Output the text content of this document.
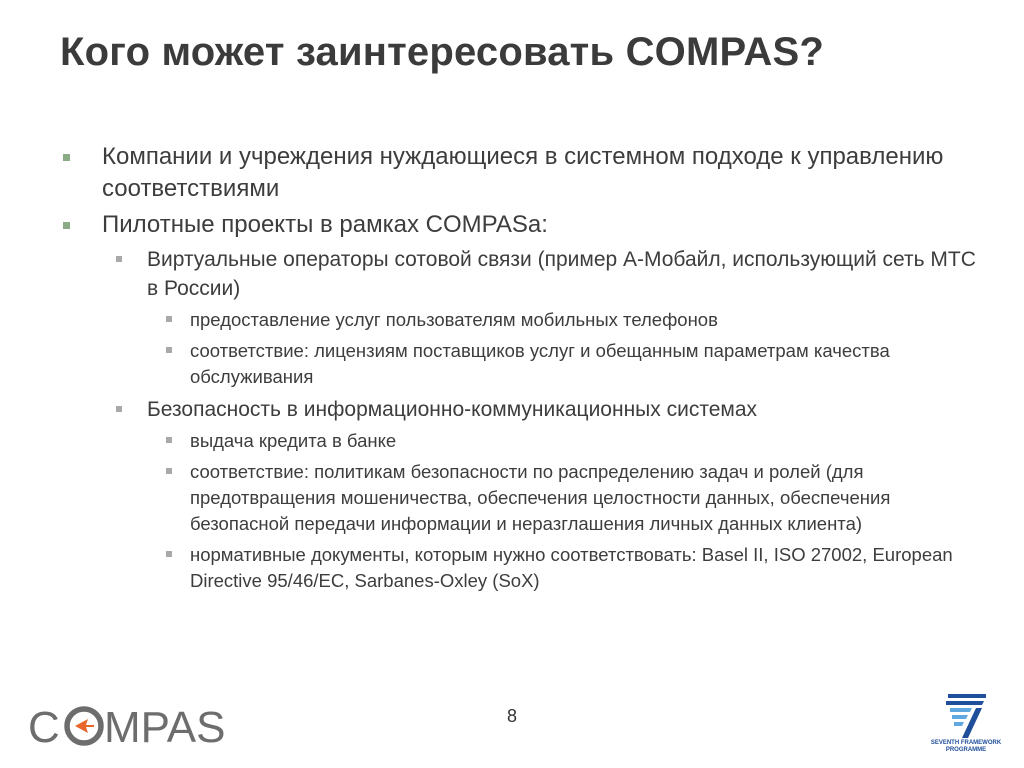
Кого может заинтересовать COMPAS?
Компании и учреждения нуждающиеся в системном подходе к управлению соответствиями
Пилотные проекты в рамках COMPASa:
Виртуальные операторы сотовой связи (пример А-Мобайл, использующий сеть МТС в России)
предоставление услуг пользователям мобильных телефонов
соответствие: лицензиям поставщиков услуг и обещанным параметрам качества обслуживания
Безопасность в информационно-коммуникационных системах
выдача кредита в банке
соответствие: политикам безопасности по распределению задач и ролей (для предотвращения мошеничества, обеспечения целостности данных, обеспечения безопасной передачи информации и неразглашения личных данных клиента)
нормативные документы, которым нужно соответствовать: Basel II, ISO 27002, European Directive 95/46/EC, Sarbanes-Oxley (SoX)
C MPAS	8
SEVENTH FRAMEWORK
PROGRAMME
